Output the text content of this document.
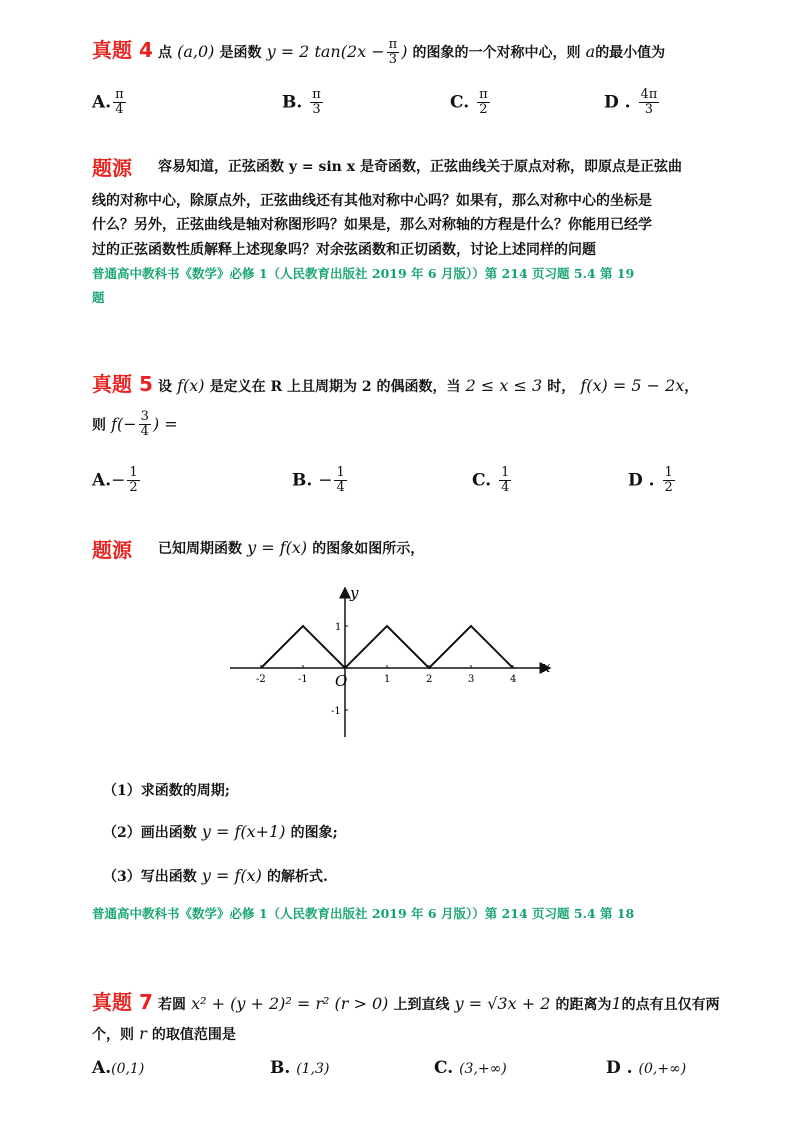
真题 4 点 (a,0) 是函数 y = 2 $\tan(2x - \frac{\pi}{3}$ ) 的图象的一个对称中心，则 a的最小值为
A. $\frac{\pi}{4}$	B. $\frac{\pi}{3}$	C. $\frac{\pi}{2}$	D . $\frac{4\pi}{3}$
题源 容易知道，正弦函数 y = sin x 是奇函数，正弦曲线关于原点对称，即原点是正弦曲
线的对称中心，除原点外，正弦曲线还有其他对称中心吗？如果有，那么对称中心的坐标是
什么？另外，正弦曲线是轴对称图形吗？如果是，那么对称轴的方程是什么？你能用已经学
过的正弦函数性质解释上述现象吗？对余弦函数和正切函数，讨论上述同样的问题
普通高中教科书《数学》必修 1（人民教育出版社 2019 年 6 月版））第 214 页习题 5.4 第 19
题
真题 5 设 f(x) 是定义在 R 上且周期为 2 的偶函数，当 2 ≤ x ≤ 3 时， f(x) = 5 − 2x，
则 $f(- \frac{3}{4}$ ) =
$A.- \frac{1}{2}$	B. − $\frac{1}{4}$	C. $\frac{1}{4}$	D . $\frac{1}{2}$
题源 已知周期函数 y = f(x) 的图象如图所示，
x
y
O
-2	-1	1	2	3	4
1
-1
（1）求函数的周期;
（2）画出函数 y = f(x+1) 的图象;
（3）写出函数 y = f(x) 的解析式.
普通高中教科书《数学》必修 1（人民教育出版社 2019 年 6 月版））第 214 页习题 5.4 第 18
真题 7 若圆 x² + (y + 2)² = r² (r > 0) 上到直线 y = √3x + 2 的距离为1的点有且仅有两
个，则 r 的取值范围是
A.(0,1)	B. (1,3)	C. (3,+∞)	D . (0,+∞)
